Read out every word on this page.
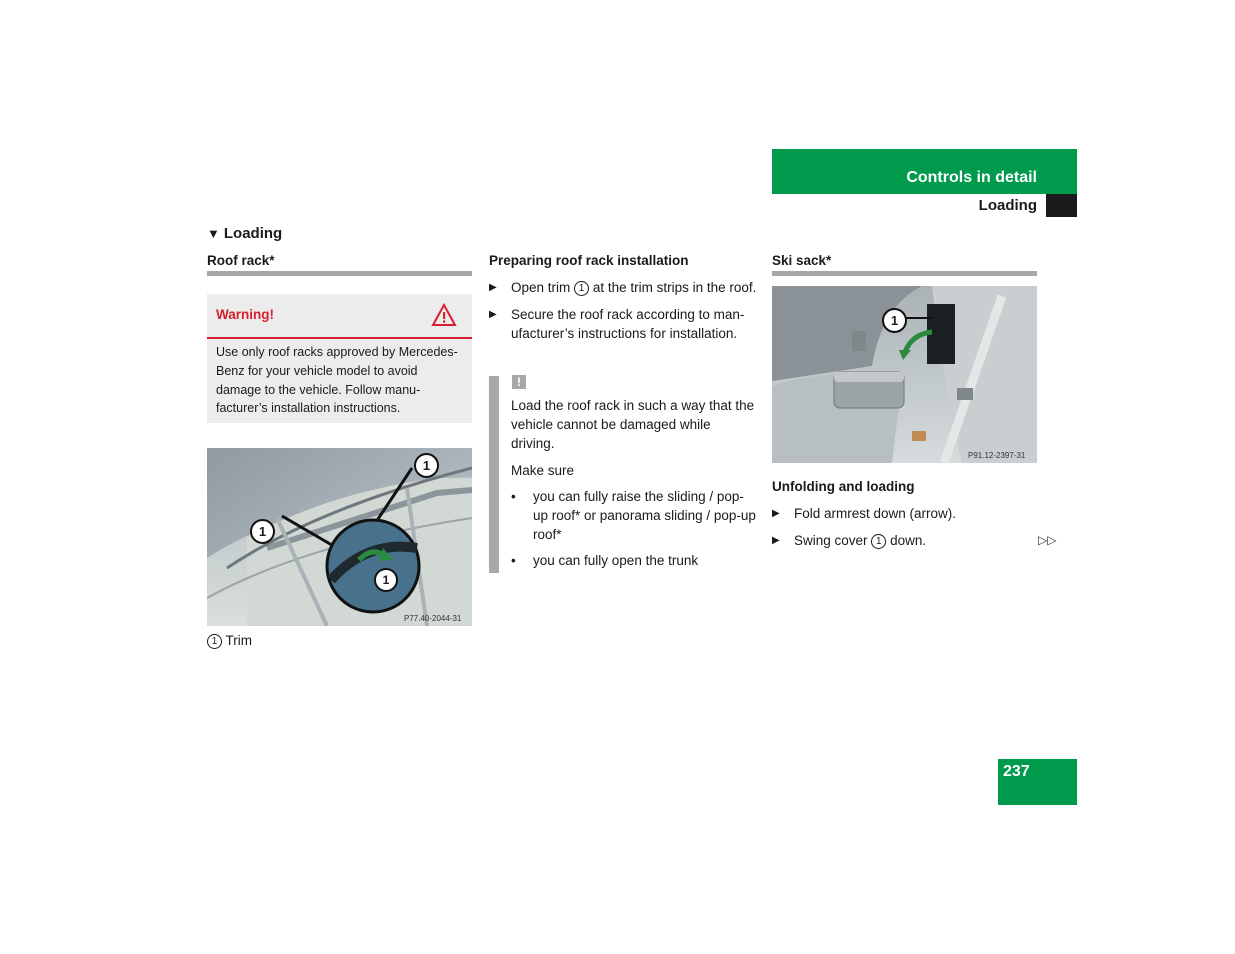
Controls in detail
Loading
▼ Loading
Roof rack*
Warning!
Use only roof racks approved by Mercedes-Benz for your vehicle model to avoid damage to the vehicle. Follow manu-facturer’s installation instructions.
1
1
1
P77.40-2044-31
1 Trim
Preparing roof rack installation
▶	Open trim 1 at the trim strips in the roof.
▶	Secure the roof rack according to man-ufacturer’s instructions for installation.
!
Load the roof rack in such a way that the vehicle cannot be damaged while driving.
Make sure
•	you can fully raise the sliding / pop-up roof* or panorama sliding / pop-up roof*
•	you can fully open the trunk
Ski sack*
1
P91.12-2397-31
Unfolding and loading
▶	Fold armrest down (arrow).
▶	Swing cover 1 down.	▷▷
237
